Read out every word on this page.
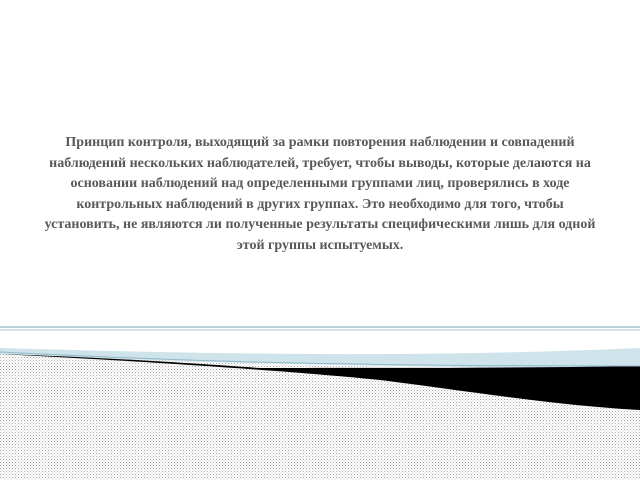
Принцип контроля, выходящий за рамки повторения наблюдении и совпадений наблюдений нескольких наблюдателей, требует, чтобы выводы, которые делаются на основании наблюдений над определенными группами лиц, проверялись в ходе контрольных наблюдений в других группах. Это необходимо для того, чтобы установить, не являются ли полученные результаты специфическими лишь для одной этой группы испытуемых.
